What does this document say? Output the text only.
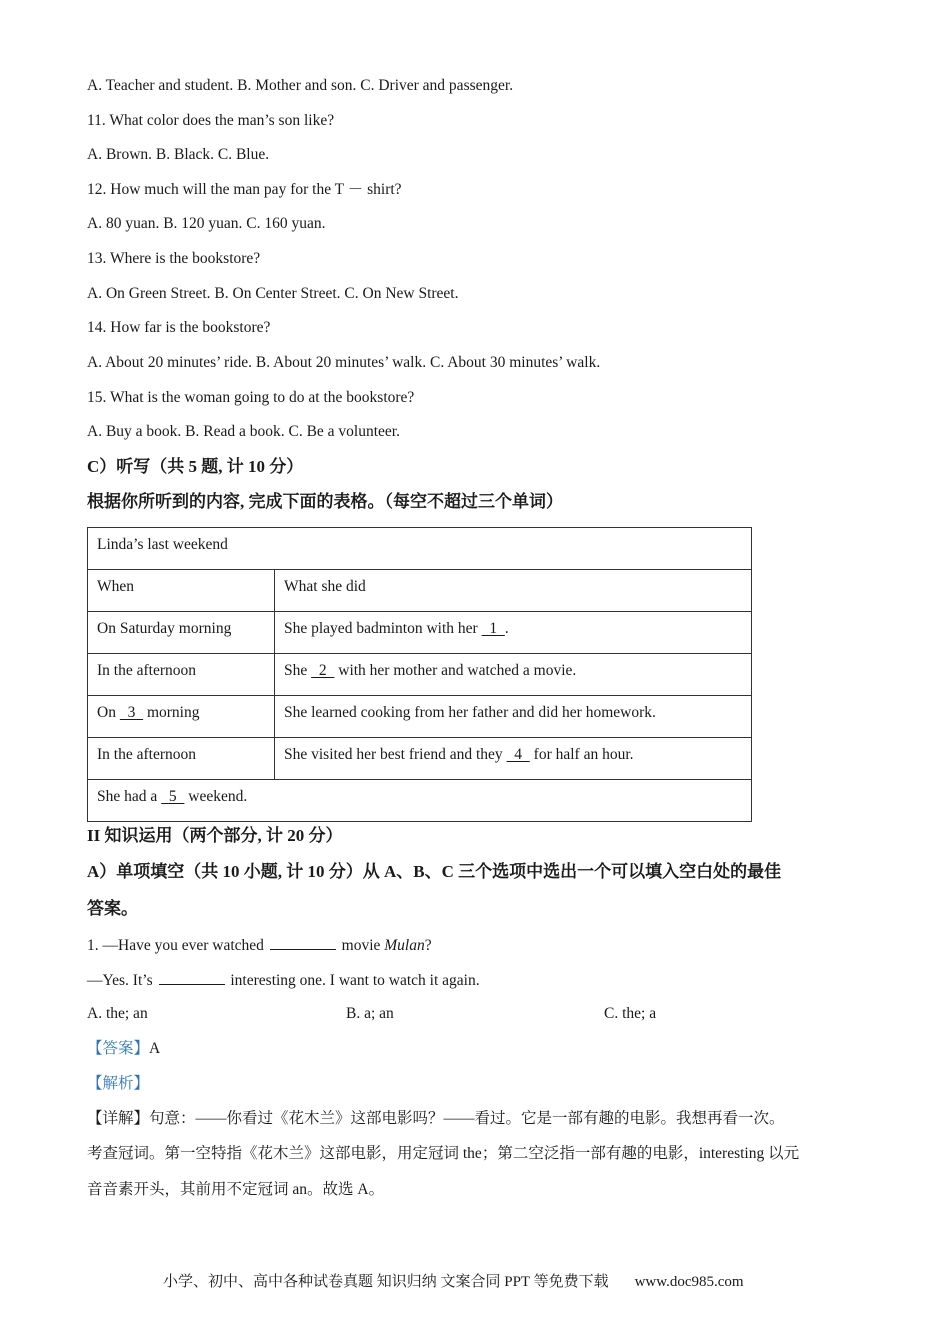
A. Teacher and student. B. Mother and son. C. Driver and passenger.
11. What color does the man’s son like?
A. Brown. B. Black. C. Blue.
12. How much will the man pay for the T － shirt?
A. 80 yuan. B. 120 yuan. C. 160 yuan.
13. Where is the bookstore?
A. On Green Street. B. On Center Street. C. On New Street.
14. How far is the bookstore?
A. About 20 minutes’ ride. B. About 20 minutes’ walk. C. About 30 minutes’ walk.
15. What is the woman going to do at the bookstore?
A. Buy a book. B. Read a book. C. Be a volunteer.
C）听写（共 5 题, 计 10 分）
根据你所听到的内容, 完成下面的表格。（每空不超过三个单词）
Linda’s last weekend	
When	What she did
On Saturday morning	She played badminton with her   1  .
In the afternoon	She   2   with her mother and watched a movie.
On   3   morning	She learned cooking from her father and did her homework.
In the afternoon	She visited her best friend and they   4   for half an hour.
She had a   5   weekend.	
II 知识运用（两个部分, 计 20 分）
A）单项填空（共 10 小题, 计 10 分）从 A、B、C 三个选项中选出一个可以填入空白处的最佳
答案。
1. —Have you ever watched	movie Mulan?
—Yes. It’s	interesting one. I want to watch it again.
A. the; an	B. a; an	C. the; a
【答案】A
【解析】
【详解】句意：——你看过《花木兰》这部电影吗？——看过。它是一部有趣的电影。我想再看一次。
考查冠词。第一空特指《花木兰》这部电影，用定冠词 the；第二空泛指一部有趣的电影，interesting 以元
音音素开头，其前用不定冠词 an。故选 A。
小学、初中、高中各种试卷真题 知识归纳 文案合同 PPT 等免费下载 www.doc985.com
